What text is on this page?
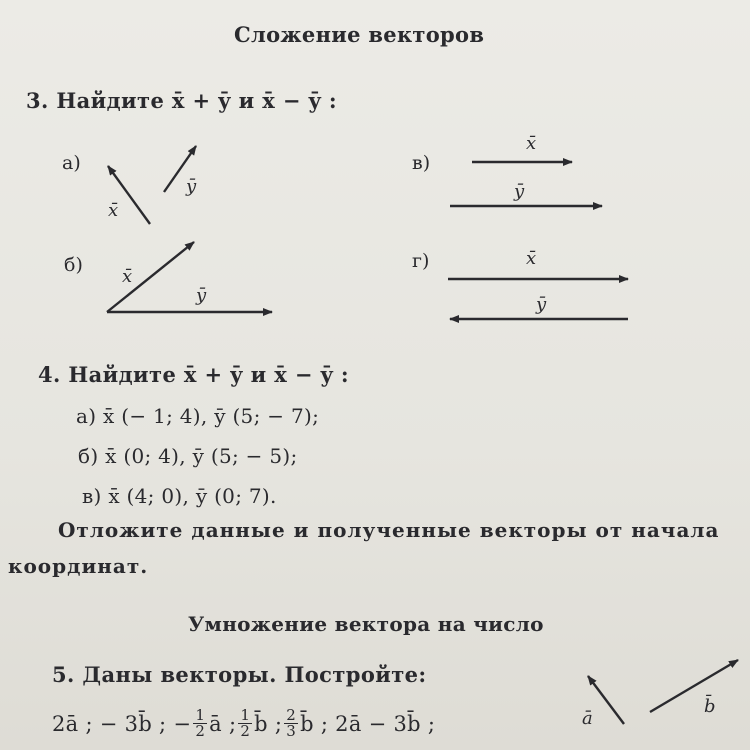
Сложение векторов
3. Найдите x̄ + ȳ и x̄ − ȳ :
а)
б)
в)
г)
x̄
ȳ
x̄
ȳ
x̄
ȳ
x̄
ȳ
4. Найдите x̄ + ȳ и x̄ − ȳ :
а) x̄ (− 1; 4), ȳ (5; − 7);
б) x̄ (0; 4), ȳ (5; − 5);
в) x̄ (4; 0), ȳ (0; 7).
Отложите данные и полученные векторы от начала
координат.
Умножение вектора на число
5. Даны векторы. Постройте:
2ā ; − 3b̄ ; − $\frac{1}{2}$ ā ; $\frac{1}{2}$ b̄ ; $\frac{2}{3}$ b̄ ; 2ā − 3b̄ ;	ā
b̄
